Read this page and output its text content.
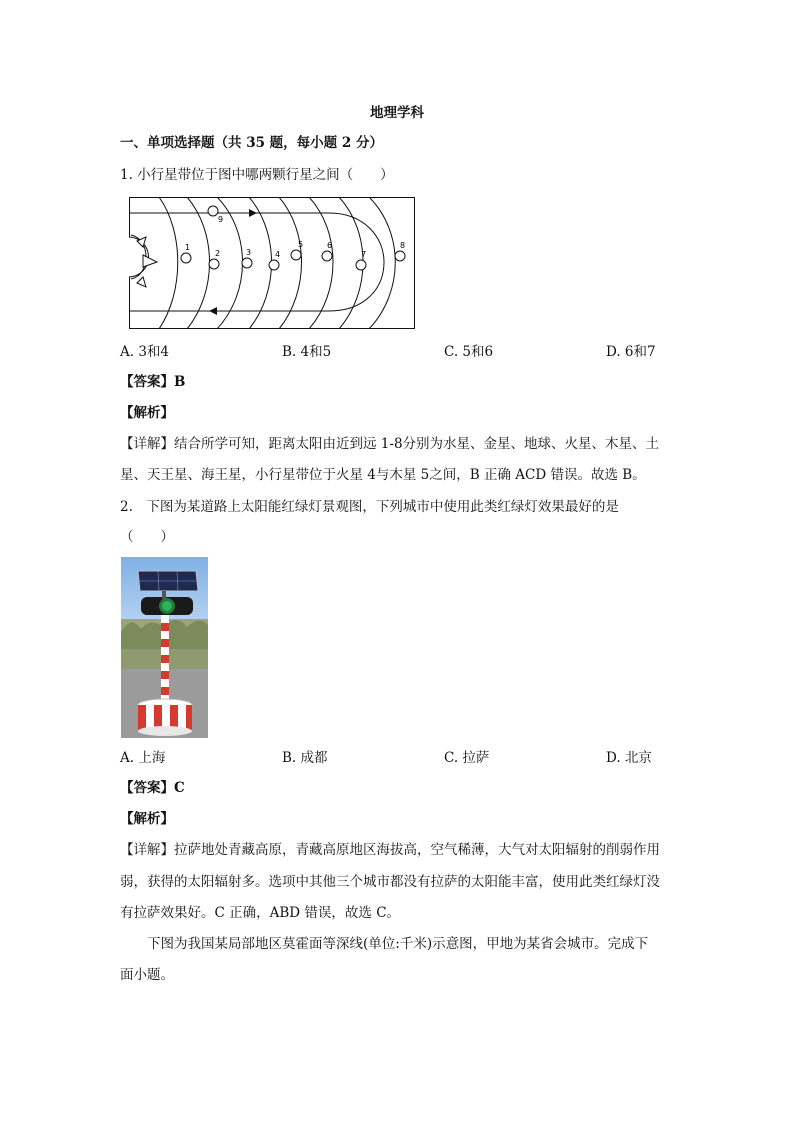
地理学科
一、单项选择题（共 35 题，每小题 2 分）
1. 小行星带位于图中哪两颗行星之间（　　）
1
2	3	4
5	6
7
8
9
A. 3和4	B. 4和5	C. 5和6	D. 6和7
【答案】B
【解析】
【详解】结合所学可知，距离太阳由近到远 1-8分别为水星、金星、地球、火星、木星、土
星、天王星、海王星，小行星带位于火星 4与木星 5之间，B 正确 ACD 错误。故选 B。
2.　下图为某道路上太阳能红绿灯景观图，下列城市中使用此类红绿灯效果最好的是
（　　）
A. 上海	B. 成都	C. 拉萨	D. 北京
【答案】C
【解析】
【详解】拉萨地处青藏高原，青藏高原地区海拔高，空气稀薄，大气对太阳辐射的削弱作用
弱，获得的太阳辐射多。选项中其他三个城市都没有拉萨的太阳能丰富，使用此类红绿灯没
有拉萨效果好。C 正确，ABD 错误，故选 C。
　　下图为我国某局部地区莫霍面等深线(单位:千米)示意图，甲地为某省会城市。完成下
面小题。
